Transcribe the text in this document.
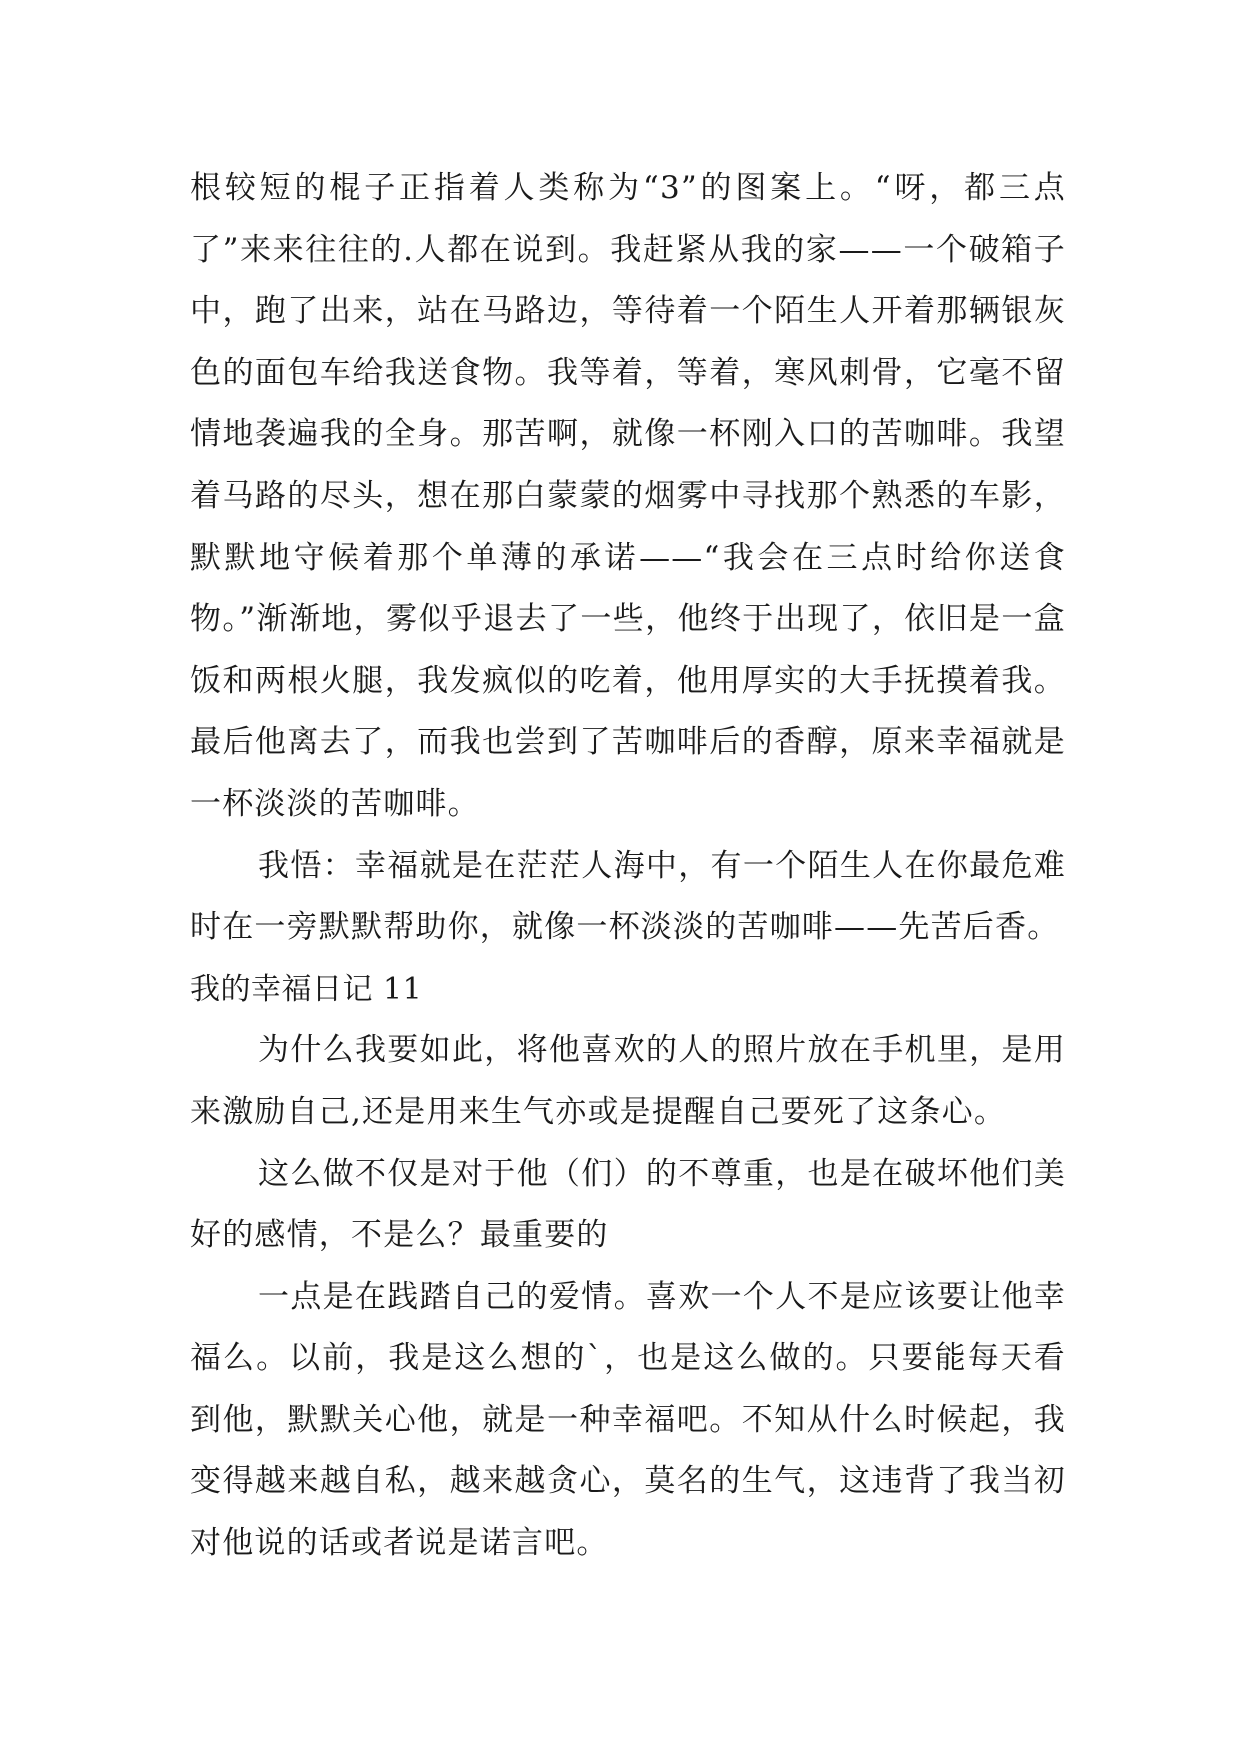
根较短的棍子正指着人类称为“3”的图案上。“呀，都三点了”来来往往的.人都在说到。我赶紧从我的家——一个破箱子中，跑了出来，站在马路边，等待着一个陌生人开着那辆银灰色的面包车给我送食物。我等着，等着，寒风刺骨，它毫不留情地袭遍我的全身。那苦啊，就像一杯刚入口的苦咖啡。我望着马路的尽头，想在那白蒙蒙的烟雾中寻找那个熟悉的车影，默默地守候着那个单薄的承诺——“我会在三点时给你送食物。”渐渐地，雾似乎退去了一些，他终于出现了，依旧是一盒饭和两根火腿，我发疯似的吃着，他用厚实的大手抚摸着我。最后他离去了，而我也尝到了苦咖啡后的香醇，原来幸福就是一杯淡淡的苦咖啡。

我悟：幸福就是在茫茫人海中，有一个陌生人在你最危难时在一旁默默帮助你，就像一杯淡淡的苦咖啡——先苦后香。

我的幸福日记 11

为什么我要如此，将他喜欢的人的照片放在手机里，是用来激励自己,还是用来生气亦或是提醒自己要死了这条心。

这么做不仅是对于他（们）的不尊重，也是在破坏他们美好的感情，不是么？最重要的

一点是在践踏自己的爱情。喜欢一个人不是应该要让他幸福么。以前，我是这么想的`，也是这么做的。只要能每天看到他，默默关心他，就是一种幸福吧。不知从什么时候起，我变得越来越自私，越来越贪心，莫名的生气，这违背了我当初对他说的话或者说是诺言吧。
